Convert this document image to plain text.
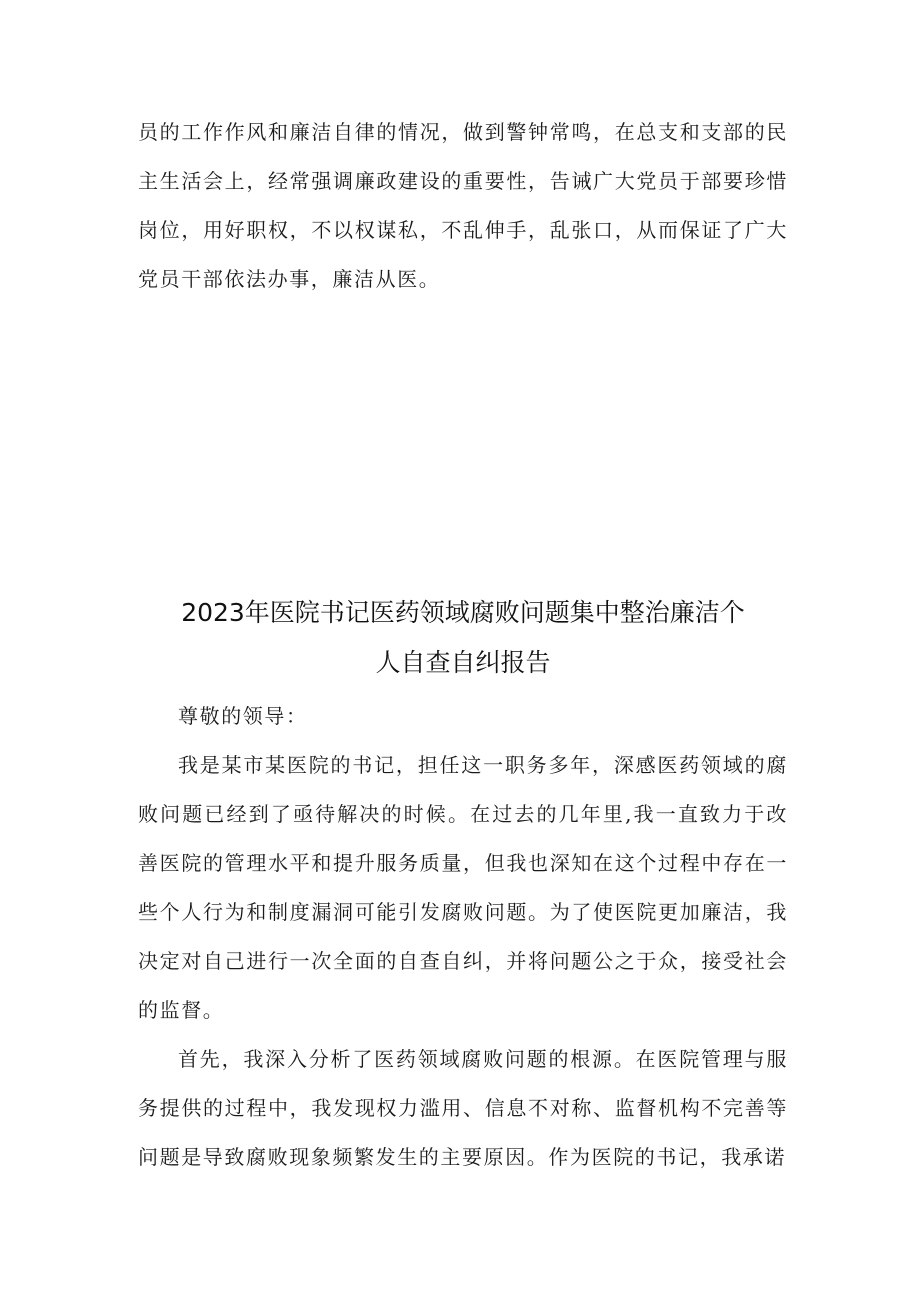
员的工作作风和廉洁自律的情况，做到警钟常鸣，在总支和支部的民主生活会上，经常强调廉政建设的重要性，告诫广大党员于部要珍惜岗位，用好职权，不以权谋私，不乱伸手，乱张口，从而保证了广大党员干部依法办事，廉洁从医。

2023年医院书记医药领域腐败问题集中整治廉洁个
人自查自纠报告

尊敬的领导：

我是某市某医院的书记，担任这一职务多年，深感医药领域的腐败问题已经到了亟待解决的时候。在过去的几年里,我一直致力于改善医院的管理水平和提升服务质量，但我也深知在这个过程中存在一些个人行为和制度漏洞可能引发腐败问题。为了使医院更加廉洁，我决定对自己进行一次全面的自查自纠，并将问题公之于众，接受社会的监督。

首先，我深入分析了医药领域腐败问题的根源。在医院管理与服务提供的过程中，我发现权力滥用、信息不对称、监督机构不完善等问题是导致腐败现象频繁发生的主要原因。作为医院的书记，我承诺
